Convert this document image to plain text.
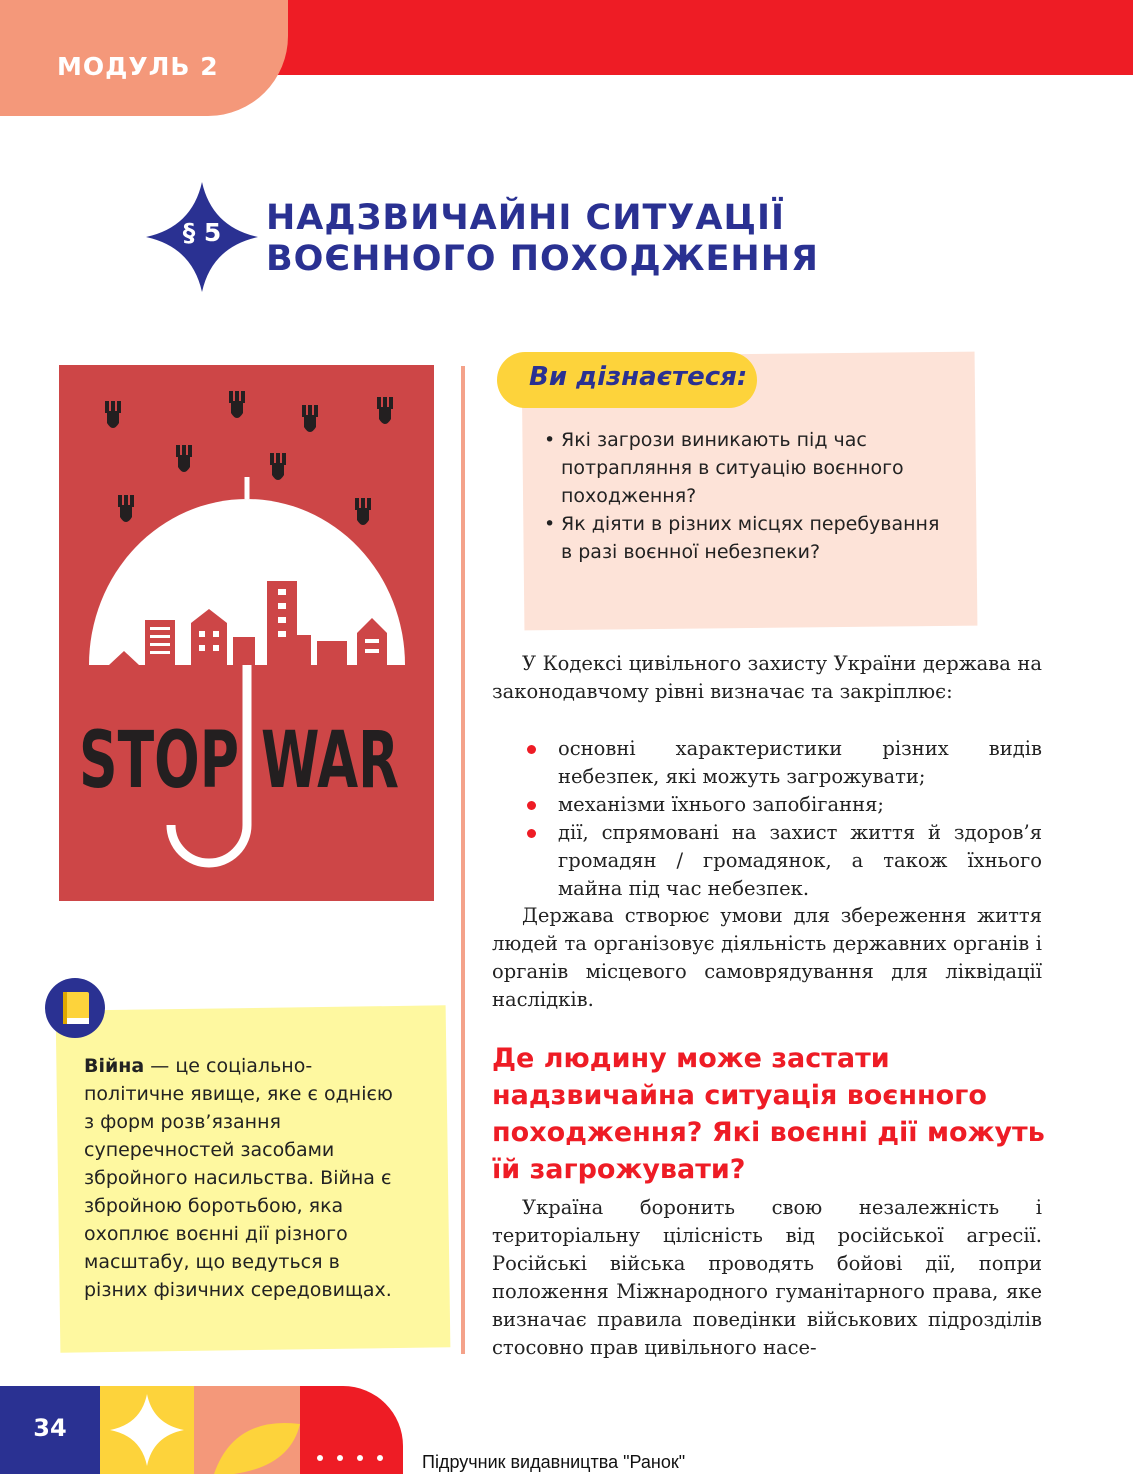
МОДУЛЬ 2
§ 5	НАДЗВИЧАЙНІ СИТУАЦІЇ ВОЄННОГО ПОХОДЖЕННЯ
STOP WAR
Ви дізнаєтеся:
• Які загрози виникають під час потрапляння в ситуацію воєнного походження?
• Як діяти в різних місцях перебування в разі воєнної небезпеки?

У Кодексі цивільного захисту України держава на законодавчому рівні визначає та закріплює:

основні характеристики різних видів небезпек, які можуть загрожувати;
механізми їхнього запобігання;
дії, спрямовані на захист життя й здоров’я громадян / громадянок, а також їхнього майна під час небезпек.

Держава створює умови для збереження життя людей та організовує діяльність державних органів і органів місцевого самоврядування для ліквідації наслідків.

Де людину може застати надзвичайна ситуація воєнного походження? Які воєнні дії можуть їй загрожувати?

Україна боронить свою незалежність і територіальну цілісність від російської агресії. Російські війська проводять бойові дії, попри положення Міжнародного гуманітарного права, яке визначає правила поведінки військових підрозділів стосовно прав цивільного насе-

Війна — це соціально-політичне явище, яке є однією з форм розв’язання суперечностей засобами збройного насильства. Війна є збройною боротьбою, яка охоплює воєнні дії різного масштабу, що ведуться в різних фізичних середовищах.

34
Підручник видавництва "Ранок"
